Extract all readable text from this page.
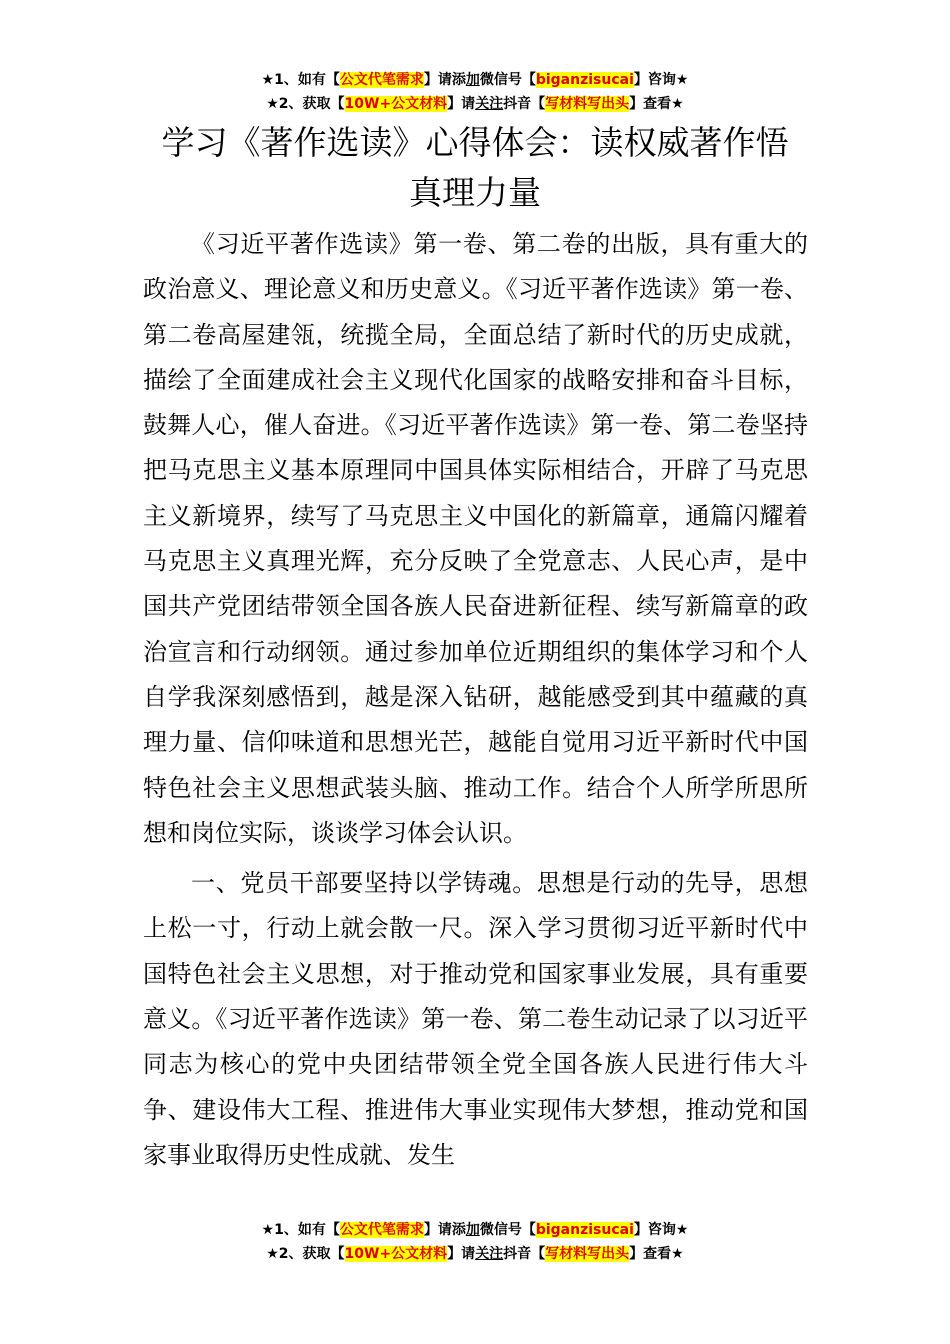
★1、如有【公文代笔需求】请添加微信号【biganzisucai】咨询★
★2、获取【10W+公文材料】请关注抖音【写材料写出头】查看★
学习《著作选读》心得体会：读权威著作悟
真理力量

《习近平著作选读》第一卷、第二卷的出版，具有重大的政治意义、理论意义和历史意义。《习近平著作选读》第一卷、第二卷高屋建瓴，统揽全局，全面总结了新时代的历史成就，描绘了全面建成社会主义现代化国家的战略安排和奋斗目标，鼓舞人心，催人奋进。《习近平著作选读》第一卷、第二卷坚持把马克思主义基本原理同中国具体实际相结合，开辟了马克思主义新境界，续写了马克思主义中国化的新篇章，通篇闪耀着马克思主义真理光辉，充分反映了全党意志、人民心声，是中国共产党团结带领全国各族人民奋进新征程、续写新篇章的政治宣言和行动纲领。通过参加单位近期组织的集体学习和个人自学我深刻感悟到，越是深入钻研，越能感受到其中蕴藏的真理力量、信仰味道和思想光芒，越能自觉用习近平新时代中国特色社会主义思想武装头脑、推动工作。结合个人所学所思所想和岗位实际，谈谈学习体会认识。

一、党员干部要坚持以学铸魂。思想是行动的先导，思想上松一寸，行动上就会散一尺。深入学习贯彻习近平新时代中国特色社会主义思想，对于推动党和国家事业发展，具有重要意义。《习近平著作选读》第一卷、第二卷生动记录了以习近平同志为核心的党中央团结带领全党全国各族人民进行伟大斗争、建设伟大工程、推进伟大事业实现伟大梦想，推动党和国家事业取得历史性成就、发生

★1、如有【公文代笔需求】请添加微信号【biganzisucai】咨询★
★2、获取【10W+公文材料】请关注抖音【写材料写出头】查看★
